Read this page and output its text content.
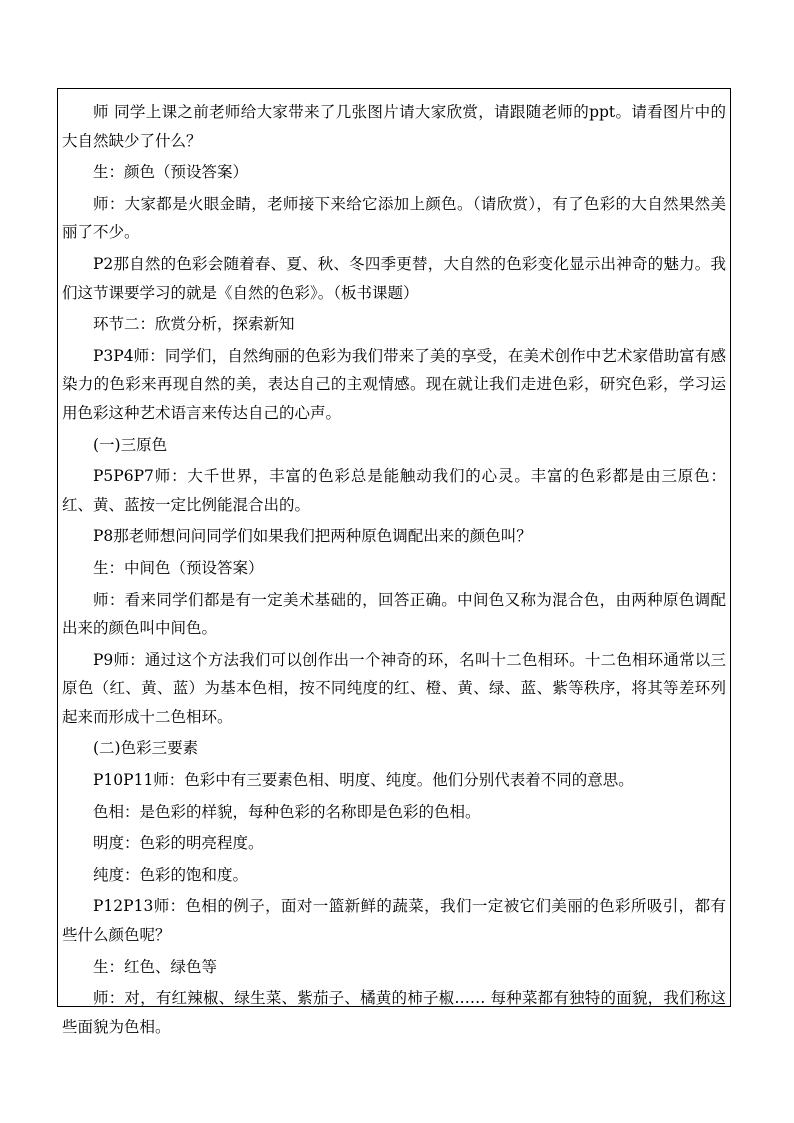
师 同学上课之前老师给大家带来了几张图片请大家欣赏，请跟随老师的ppt。请看图片中的大自然缺少了什么？

生：颜色（预设答案）

师：大家都是火眼金睛，老师接下来给它添加上颜色。（请欣赏），有了色彩的大自然果然美丽了不少。

P2那自然的色彩会随着春、夏、秋、冬四季更替，大自然的色彩变化显示出神奇的魅力。我们这节课要学习的就是《自然的色彩》。（板书课题）

环节二：欣赏分析，探索新知

P3P4师：同学们，自然绚丽的色彩为我们带来了美的享受，在美术创作中艺术家借助富有感染力的色彩来再现自然的美，表达自己的主观情感。现在就让我们走进色彩，研究色彩，学习运用色彩这种艺术语言来传达自己的心声。

(一)三原色

P5P6P7师：大千世界，丰富的色彩总是能触动我们的心灵。丰富的色彩都是由三原色：红、黄、蓝按一定比例能混合出的。

P8那老师想问问同学们如果我们把两种原色调配出来的颜色叫？

生：中间色（预设答案）

师：看来同学们都是有一定美术基础的，回答正确。中间色又称为混合色，由两种原色调配出来的颜色叫中间色。

P9师：通过这个方法我们可以创作出一个神奇的环，名叫十二色相环。十二色相环通常以三原色（红、黄、蓝）为基本色相，按不同纯度的红、橙、黄、绿、蓝、紫等秩序，将其等差环列起来而形成十二色相环。

(二)色彩三要素

P10P11师：色彩中有三要素色相、明度、纯度。他们分别代表着不同的意思。

色相：是色彩的样貌，每种色彩的名称即是色彩的色相。

明度：色彩的明亮程度。

纯度：色彩的饱和度。

P12P13师：色相的例子，面对一篮新鲜的蔬菜，我们一定被它们美丽的色彩所吸引，都有些什么颜色呢？

生：红色、绿色等

师：对，有红辣椒、绿生菜、紫茄子、橘黄的柿子椒…… 每种菜都有独特的面貌，我们称这些面貌为色相。
